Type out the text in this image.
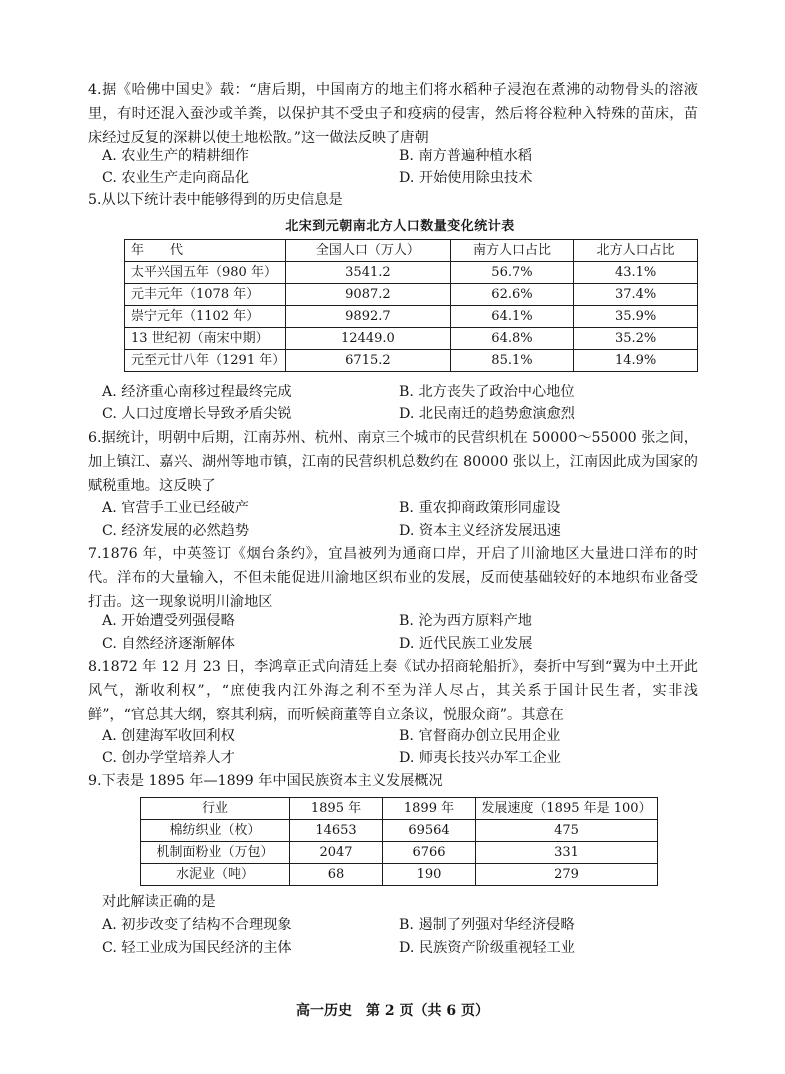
4.据《哈佛中国史》载：“唐后期，中国南方的地主们将水稻种子浸泡在煮沸的动物骨头的溶液里，有时还混入蚕沙或羊粪，以保护其不受虫子和疫病的侵害，然后将谷粒种入特殊的苗床，苗床经过反复的深耕以使土地松散。”这一做法反映了唐朝

A. 农业生产的精耕细作	B. 南方普遍种植水稻
C. 农业生产走向商品化	D. 开始使用除虫技术
5.从以下统计表中能够得到的历史信息是
北宋到元朝南北方人口数量变化统计表
年　　代	全国人口（万人）	南方人口占比	北方人口占比
太平兴国五年（980 年）	3541.2	56.7%	43.1%
元丰元年（1078 年）	9087.2	62.6%	37.4%
崇宁元年（1102 年）	9892.7	64.1%	35.9%
13 世纪初（南宋中期）	12449.0	64.8%	35.2%
元至元廿八年（1291 年）	6715.2	85.1%	14.9%
A. 经济重心南移过程最终完成	B. 北方丧失了政治中心地位
C. 人口过度增长导致矛盾尖锐	D. 北民南迁的趋势愈演愈烈

6.据统计，明朝中后期，江南苏州、杭州、南京三个城市的民营织机在 50000～55000 张之间，加上镇江、嘉兴、湖州等地市镇，江南的民营织机总数约在 80000 张以上，江南因此成为国家的赋税重地。这反映了

A. 官营手工业已经破产	B. 重农抑商政策形同虚设
C. 经济发展的必然趋势	D. 资本主义经济发展迅速

7.1876 年，中英签订《烟台条约》，宜昌被列为通商口岸，开启了川渝地区大量进口洋布的时代。洋布的大量输入，不但未能促进川渝地区织布业的发展，反而使基础较好的本地织布业备受打击。这一现象说明川渝地区

A. 开始遭受列强侵略	B. 沦为西方原料产地
C. 自然经济逐渐解体	D. 近代民族工业发展

8.1872 年 12 月 23 日，李鸿章正式向清廷上奏《试办招商轮船折》，奏折中写到“翼为中土开此风气，渐收利权”，“庶使我内江外海之利不至为洋人尽占，其关系于国计民生者，实非浅鲜”，“官总其大纲，察其利病，而听候商董等自立条议，悦服众商”。其意在

A. 创建海军收回利权	B. 官督商办创立民用企业
C. 创办学堂培养人才	D. 师夷长技兴办军工企业
9.下表是 1895 年—1899 年中国民族资本主义发展概况
行业	1895 年	1899 年	发展速度（1895 年是 100）
棉纺织业（枚）	14653	69564	475
机制面粉业（万包）	2047	6766	331
水泥业（吨）	68	190	279
对此解读正确的是
A. 初步改变了结构不合理现象	B. 遏制了列强对华经济侵略
C. 轻工业成为国民经济的主体	D. 民族资产阶级重视轻工业
高一历史　第 2 页（共 6 页）
